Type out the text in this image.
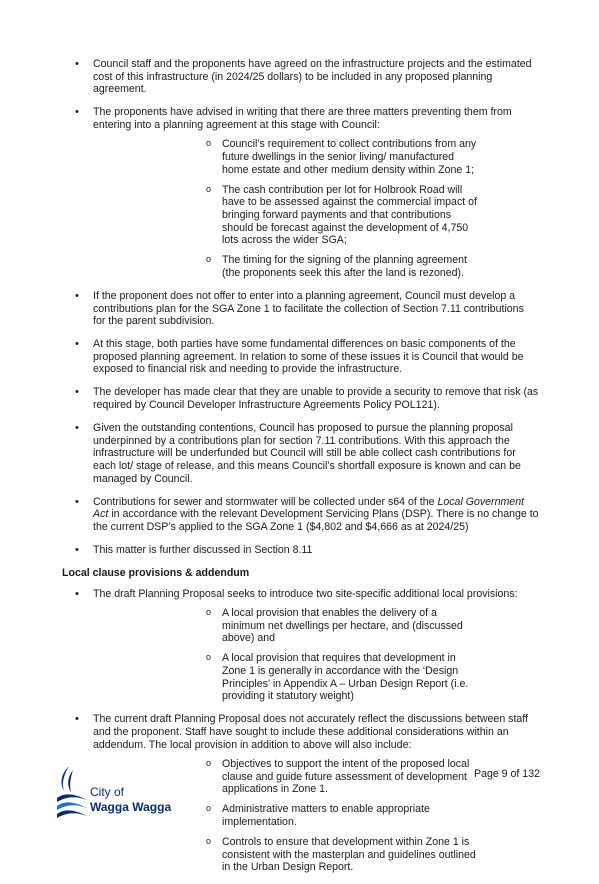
• Council staff and the proponents have agreed on the infrastructure projects and the estimated cost of this infrastructure (in 2024/25 dollars) to be included in any proposed planning agreement.
• The proponents have advised in writing that there are three matters preventing them from entering into a planning agreement at this stage with Council:
o Council’s requirement to collect contributions from any future dwellings in the senior living/ manufactured home estate and other medium density within Zone 1;
o The cash contribution per lot for Holbrook Road will have to be assessed against the commercial impact of bringing forward payments and that contributions should be forecast against the development of 4,750 lots across the wider SGA;
o The timing for the signing of the planning agreement (the proponents seek this after the land is rezoned).
• If the proponent does not offer to enter into a planning agreement, Council must develop a contributions plan for the SGA Zone 1 to facilitate the collection of Section 7.11 contributions for the parent subdivision.
• At this stage, both parties have some fundamental differences on basic components of the proposed planning agreement. In relation to some of these issues it is Council that would be exposed to financial risk and needing to provide the infrastructure.
• The developer has made clear that they are unable to provide a security to remove that risk (as required by Council Developer Infrastructure Agreements Policy POL121).
• Given the outstanding contentions, Council has proposed to pursue the planning proposal underpinned by a contributions plan for section 7.11 contributions. With this approach the infrastructure will be underfunded but Council will still be able collect cash contributions for each lot/ stage of release, and this means Council’s shortfall exposure is known and can be managed by Council.
• Contributions for sewer and stormwater will be collected under s64 of the Local Government Act in accordance with the relevant Development Servicing Plans (DSP). There is no change to the current DSP’s applied to the SGA Zone 1 ($4,802 and $4,666 as at 2024/25)
• This matter is further discussed in Section 8.11
Local clause provisions & addendum
• The draft Planning Proposal seeks to introduce two site-specific additional local provisions:
o A local provision that enables the delivery of a minimum net dwellings per hectare, and (discussed above) and
o A local provision that requires that development in Zone 1 is generally in accordance with the ‘Design Principles’ in Appendix A – Urban Design Report (i.e. providing it statutory weight)
• The current draft Planning Proposal does not accurately reflect the discussions between staff and the proponent. Staff have sought to include these additional considerations within an addendum. The local provision in addition to above will also include:
o Objectives to support the intent of the proposed local clause and guide future assessment of development applications in Zone 1.
o Administrative matters to enable appropriate implementation.
o Controls to ensure that development within Zone 1 is consistent with the masterplan and guidelines outlined in the Urban Design Report.
City of
Wagga Wagga
Page 9 of 132
